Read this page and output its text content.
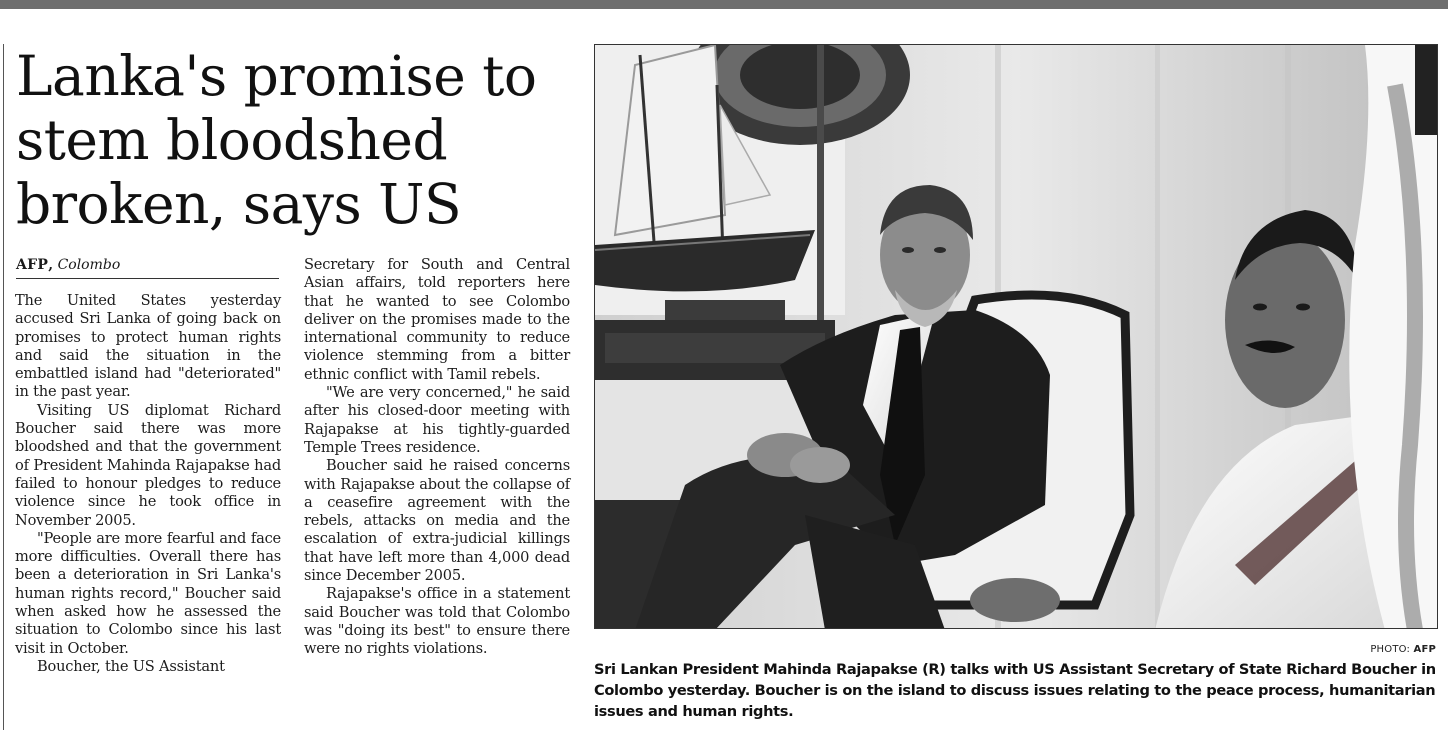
Lanka's promise to stem bloodshed broken, says US
AFP, Colombo

The United States yesterday accused Sri Lanka of going back on promises to protect human rights and said the situation in the embattled island had "deteriorated" in the past year.

Visiting US diplomat Richard Boucher said there was more bloodshed and that the government of President Mahinda Rajapakse had failed to honour pledges to reduce violence since he took office in November 2005.

"People are more fearful and face more difficulties. Overall there has been a deterioration in Sri Lanka's human rights record," Boucher said when asked how he assessed the situation to Colombo since his last visit in October.

Boucher, the US Assistant

Secretary for South and Central Asian affairs, told reporters here that he wanted to see Colombo deliver on the promises made to the international community to reduce violence stemming from a bitter ethnic conflict with Tamil rebels.

"We are very concerned," he said after his closed-door meeting with Rajapakse at his tightly-guarded Temple Trees residence.

Boucher said he raised concerns with Rajapakse about the collapse of a ceasefire agreement with the rebels, attacks on media and the escalation of extra-judicial killings that have left more than 4,000 dead since December 2005.

Rajapakse's office in a statement said Boucher was told that Colombo was "doing its best" to ensure there were no rights violations.	PHOTO: AFP
Sri Lankan President Mahinda Rajapakse (R) talks with US Assistant Secretary of State Richard Boucher in Colombo yesterday. Boucher is on the island to discuss issues relating to the peace process, humanitarian issues and human rights.
